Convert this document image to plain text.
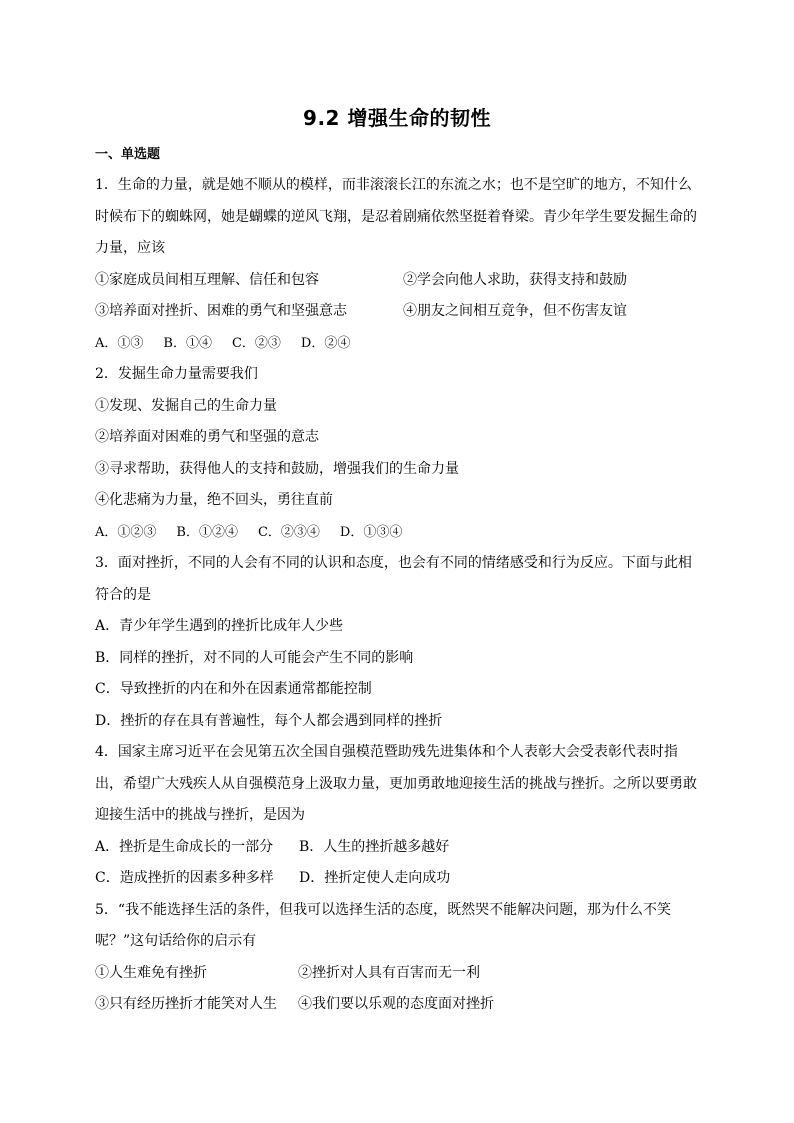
9.2 增强生命的韧性
一、单选题

1．生命的力量，就是她不顺从的模样，而非滚滚长江的东流之水；也不是空旷的地方，不知什么时候布下的蜘蛛网，她是蝴蝶的逆风飞翔，是忍着剧痛依然坚挺着脊梁。青少年学生要发掘生命的力量，应该

①家庭成员间相互理解、信任和包容	②学会向他人求助，获得支持和鼓励
③培养面对挫折、困难的勇气和坚强意志	④朋友之间相互竞争，但不伤害友谊

A．①③ B．①④ C．②③ D．②④

2．发掘生命力量需要我们

①发现、发掘自己的生命力量

②培养面对困难的勇气和坚强的意志

③寻求帮助，获得他人的支持和鼓励，增强我们的生命力量

④化悲痛为力量，绝不回头，勇往直前

A．①②③ B．①②④ C．②③④ D．①③④

3．面对挫折，不同的人会有不同的认识和态度，也会有不同的情绪感受和行为反应。下面与此相符合的是

A．青少年学生遇到的挫折比成年人少些

B．同样的挫折，对不同的人可能会产生不同的影响

C．导致挫折的内在和外在因素通常都能控制

D．挫折的存在具有普遍性，每个人都会遇到同样的挫折

4．国家主席习近平在会见第五次全国自强模范暨助残先进集体和个人表彰大会受表彰代表时指出，希望广大残疾人从自强模范身上汲取力量，更加勇敢地迎接生活的挑战与挫折。之所以要勇敢迎接生活中的挑战与挫折，是因为

A．挫折是生命成长的一部分	B．人生的挫折越多越好
C．造成挫折的因素多种多样	D．挫折定使人走向成功

5．“我不能选择生活的条件，但我可以选择生活的态度，既然哭不能解决问题，那为什么不笑呢？”这句话给你的启示有

①人生难免有挫折	②挫折对人具有百害而无一利
③只有经历挫折才能笑对人生	④我们要以乐观的态度面对挫折
